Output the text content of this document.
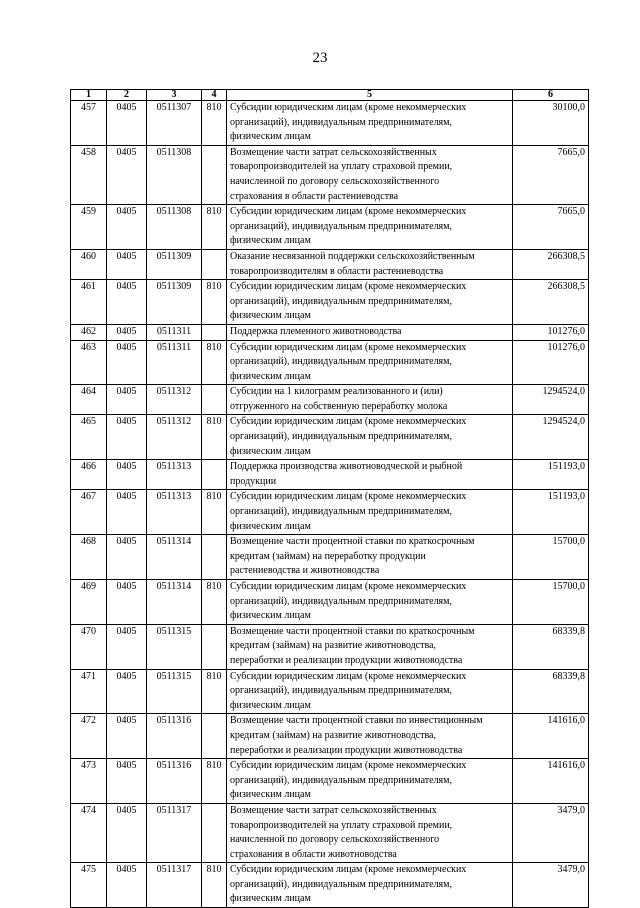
23
1	2	3	4	5	6
457	0405	0511307	810	Субсидии юридическим лицам (кроме некоммерческих
организаций), индивидуальным предпринимателям,
физическим лицам	30100,0
458	0405	0511308		Возмещение части затрат сельскохозяйственных
товаропроизводителей на уплату страховой премии,
начисленной по договору сельскохозяйственного
страхования в области растениеводства	7665,0
459	0405	0511308	810	Субсидии юридическим лицам (кроме некоммерческих
организаций), индивидуальным предпринимателям,
физическим лицам	7665,0
460	0405	0511309		Оказание несвязанной поддержки сельскохозяйственным
товаропроизводителям в области растениеводства	266308,5
461	0405	0511309	810	Субсидии юридическим лицам (кроме некоммерческих
организаций), индивидуальным предпринимателям,
физическим лицам	266308,5
462	0405	0511311		Поддержка племенного животноводства	101276,0
463	0405	0511311	810	Субсидии юридическим лицам (кроме некоммерческих
организаций), индивидуальным предпринимателям,
физическим лицам	101276,0
464	0405	0511312		Субсидии на 1 килограмм реализованного и (или)
отгруженного на собственную переработку молока	1294524,0
465	0405	0511312	810	Субсидии юридическим лицам (кроме некоммерческих
организаций), индивидуальным предпринимателям,
физическим лицам	1294524,0
466	0405	0511313		Поддержка производства животноводческой и рыбной
продукции	151193,0
467	0405	0511313	810	Субсидии юридическим лицам (кроме некоммерческих
организаций), индивидуальным предпринимателям,
физическим лицам	151193,0
468	0405	0511314		Возмещение части процентной ставки по краткосрочным
кредитам (займам) на переработку продукции
растениеводства и животноводства	15700,0
469	0405	0511314	810	Субсидии юридическим лицам (кроме некоммерческих
организаций), индивидуальным предпринимателям,
физическим лицам	15700,0
470	0405	0511315		Возмещение части процентной ставки по краткосрочным
кредитам (займам) на развитие животноводства,
переработки и реализации продукции животноводства	68339,8
471	0405	0511315	810	Субсидии юридическим лицам (кроме некоммерческих
организаций), индивидуальным предпринимателям,
физическим лицам	68339,8
472	0405	0511316		Возмещение части процентной ставки по инвестиционным
кредитам (займам) на развитие животноводства,
переработки и реализации продукции животноводства	141616,0
473	0405	0511316	810	Субсидии юридическим лицам (кроме некоммерческих
организаций), индивидуальным предпринимателям,
физическим лицам	141616,0
474	0405	0511317		Возмещение части затрат сельскохозяйственных
товаропроизводителей на уплату страховой премии,
начисленной по договору сельскохозяйственного
страхования в области животноводства	3479,0
475	0405	0511317	810	Субсидии юридическим лицам (кроме некоммерческих
организаций), индивидуальным предпринимателям,
физическим лицам	3479,0
